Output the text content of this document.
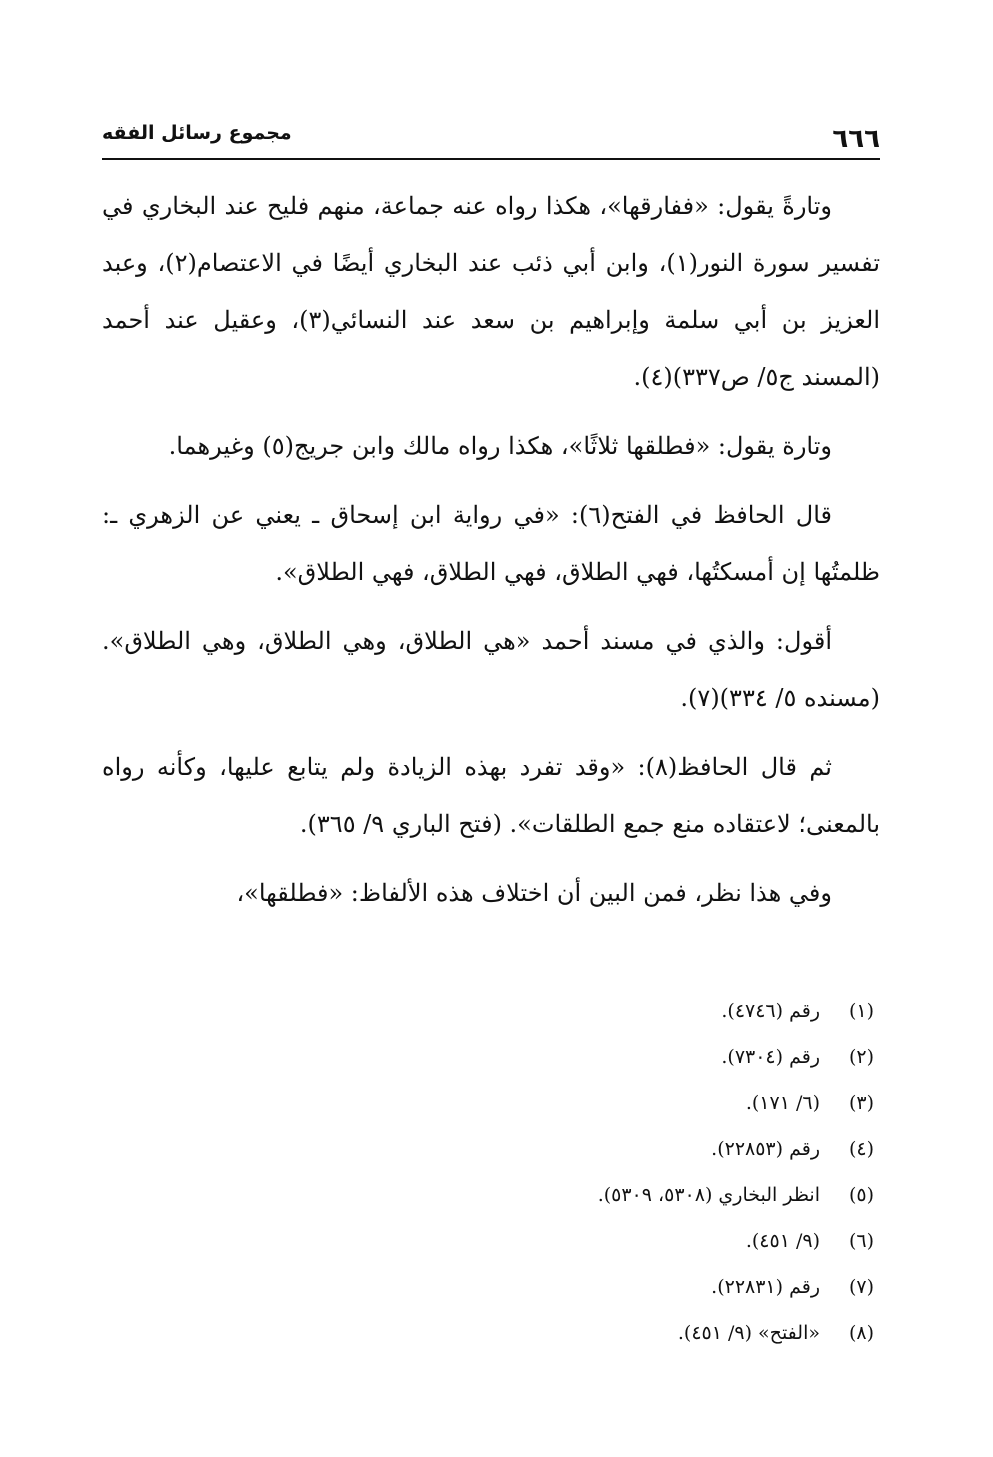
٦٦٦
مجموع رسائل الفقه

وتارةً يقول: «ففارقها»، هكذا رواه عنه جماعة، منهم فليح عند البخاري في تفسير سورة النور(١)، وابن أبي ذئب عند البخاري أيضًا في الاعتصام(٢)، وعبد العزيز بن أبي سلمة وإبراهيم بن سعد عند النسائي(٣)، وعقيل عند أحمد (المسند ج٥/ ص٣٣٧)(٤).

وتارة يقول: «فطلقها ثلاثًا»، هكذا رواه مالك وابن جريج(٥) وغيرهما.

قال الحافظ في الفتح(٦): «في رواية ابن إسحاق ـ يعني عن الزهري ـ: ظلمتُها إن أمسكتُها، فهي الطلاق، فهي الطلاق، فهي الطلاق».

أقول: والذي في مسند أحمد «هي الطلاق، وهي الطلاق، وهي الطلاق». (مسنده ٥/ ٣٣٤)(٧).

ثم قال الحافظ(٨): «وقد تفرد بهذه الزيادة ولم يتابع عليها، وكأنه رواه بالمعنى؛ لاعتقاده منع جمع الطلقات». (فتح الباري ٩/ ٣٦٥).

وفي هذا نظر، فمن البين أن اختلاف هذه الألفاظ: «فطلقها»،

(١)
رقم (٤٧٤٦).
(٢)
رقم (٧٣٠٤).
(٣)
(٦/ ١٧١).
(٤)
رقم (٢٢٨٥٣).
(٥)
انظر البخاري (٥٣٠٨، ٥٣٠٩).
(٦)
(٩/ ٤٥١).
(٧)
رقم (٢٢٨٣١).
(٨)
«الفتح» (٩/ ٤٥١).
